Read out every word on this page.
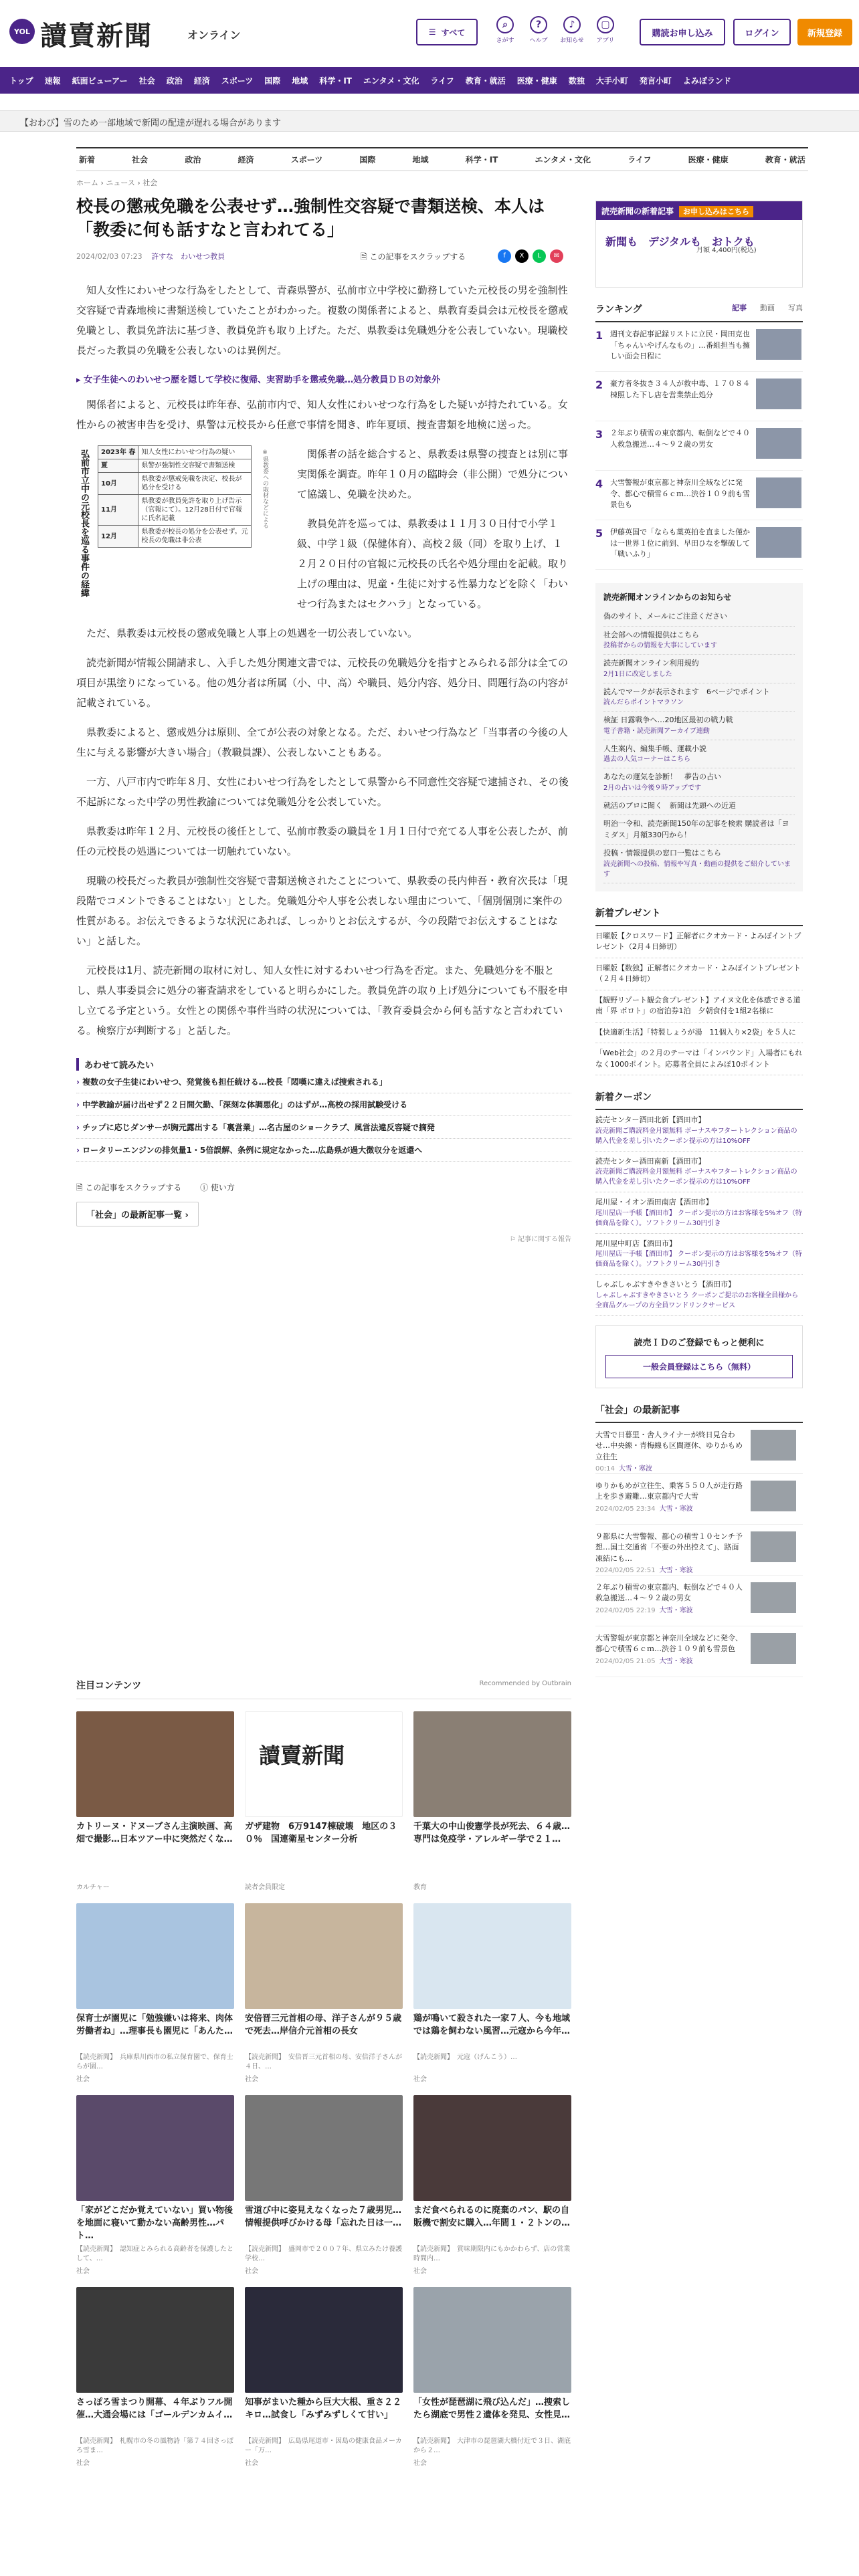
YOL 讀賣新聞	オンライン	☰ すべて
⌕
さがす
?
ヘルプ
♪
お知らせ
▢
アプリ
購読お申し込み	ログイン	新規登録
トップ 速報 紙面ビューアー 社会 政治 経済 スポーツ 国際 地域 科学・IT エンタメ・文化 ライフ 教育・就活 医療・健康 数独 大手小町 発言小町 よみぽランド
【おわび】雪のため一部地域で新聞の配達が遅れる場合があります
新着	社会	政治	経済	スポーツ	国際	地域	科学・IT	エンタメ・文化	ライフ	医療・健康	教育・就活
ホーム › ニュース › 社会
校長の懲戒免職を公表せず…強制性交容疑で書類送検、本人は「教委に何も話すなと言われてる」
2024/02/03 07:23 許すな　わいせつ教員	🗎 この記事をスクラップする	f	X	L	✉

知人女性にわいせつな行為をしたとして、青森県警が、弘前市立中学校に勤務していた元校長の男を強制性交容疑で青森地検に書類送検していたことがわかった。複数の関係者によると、県教育委員会は元校長を懲戒免職とし、教員免許法に基づき、教員免許も取り上げた。ただ、県教委は免職処分を公表していない。現職校長だった教員の免職を公表しないのは異例だ。

▸ 女子生徒へのわいせつ歴を隠して学校に復帰、実習助手を懲戒免職…処分教員ＤＢの対象外

関係者によると、元校長は昨年春、弘前市内で、知人女性にわいせつな行為をした疑いが持たれている。女性からの被害申告を受け、県警は元校長から任意で事情を聞き、昨年夏頃、捜査書類を地検に送った。

弘前市立中の元校長を巡る事件の経緯	2023年 春	知人女性にわいせつ行為の疑い
夏	県警が強制性交容疑で書類送検
10月	県教委が懲戒免職を決定、校長が処分を受ける
11月	県教委が教員免許を取り上げ告示（官報にて）。12月28日付で官報に氏名記載
12月	県教委が校長の処分を公表せず。元校長の免職は非公表
※県教委への取材などによる	関係者の話を総合すると、県教委は県警の捜査とは別に事実関係を調査。昨年１０月の臨時会（非公開）で処分について協議し、免職を決めた。

教員免許を巡っては、県教委は１１月３０日付で小学１級、中学１級（保健体育）、高校２級（同）を取り上げ、１２月２０日付の官報に元校長の氏名や処分理由を記載。取り上げの理由は、児童・生徒に対する性暴力などを除く「わいせつ行為またはセクハラ」となっている。

ただ、県教委は元校長の懲戒免職と人事上の処遇を一切公表していない。

読売新聞が情報公開請求し、入手した処分関連文書では、元校長の免職処分を指すとみられる部分は全ての項目が黒塗りになっている。他の処分者は所属（小、中、高）や職員、処分内容、処分日、問題行為の内容が記載されている。

県教委によると、懲戒処分は原則、全てが公表の対象となる。ただ、わいせつ行為など「当事者の今後の人生に与える影響が大きい場合」（教職員課）、公表しないこともある。

一方、八戸市内で昨年８月、女性にわいせつ行為をしたとして県警から不同意性交容疑で逮捕され、その後不起訴になった中学の男性教諭については免職処分を公表していた。

県教委は昨年１２月、元校長の後任として、弘前市教委の職員を１月１日付で充てる人事を公表したが、前任の元校長の処遇については一切触れていない。

現職の校長だった教員が強制性交容疑で書類送検されたことについて、県教委の長内伸吾・教育次長は「現段階でコメントできることはない」とした。免職処分や人事を公表しない理由について、「個別個別に案件の性質がある。お伝えできるような状況にあれば、しっかりとお伝えするが、今の段階でお伝えすることはない」と話した。

元校長は1月、読売新聞の取材に対し、知人女性に対するわいせつ行為を否定。また、免職処分を不服とし、県人事委員会に処分の審査請求をしていると明らかにした。教員免許の取り上げ処分についても不服を申し立てる予定という。女性との関係や事件当時の状況については、「教育委員会から何も話すなと言われている。検察庁が判断する」と話した。

あわせて読みたい
› 複数の女子生徒にわいせつ、発覚後も担任続ける…校長「悶嘆に違えば捜索される」
› 中学教諭が届け出せず２２日間欠勤、「深刻な体調悪化」のはずが…高校の採用試験受ける
› チップに応じダンサーが胸元露出する「裏営業」…名古屋のショークラブ、風営法違反容疑で摘発
› ロータリーエンジンの排気量1・5倍誤解、条例に規定なかった…広島県が過大徴収分を返還へ
🗎 この記事をスクラップする ⓘ 使い方
「社会」の最新記事一覧 ›
⚐ 記事に関する報告
注目コンテンツ	Recommended by Outbrain
カトリーヌ・ドヌーブさん主演映画、高畑で撮影…日本ツアー中に突然だくな…
カルチャー
讀賣新聞
ガザ建物　6万9147棟破壊　地区の３０％　国連衛星センター分析
読者会員限定
千葉大の中山俊憲学長が死去、６４歳…専門は免疫学・アレルギー学で２１…
教育
保育士が園児に「勉強嫌いは将来、肉体労働者ね」…理事長も園児に「あんた…
【読売新聞】　兵庫県川西市の私立保育園で、保育士らが園…
社会
安倍晋三元首相の母、洋子さんが９５歳で死去…岸信介元首相の長女
【読売新聞】　安倍晋三元首相の母、安倍洋子さんが４日、…
社会
鶏が鳴いて殺された一家７人、今も地域では鶏を飼わない風習…元寇から今年…
【読売新聞】　元寇（げんこう）…
社会
「家がどこだか覚えていない」買い物後を地面に寝いて動かない高齢男性…パト…
【読売新聞】　認知症とみられる高齢者を保護したとして、…
社会
雪道び中に姿見えなくなった７歳男児…情報提供呼びかける母「忘れた日は一…
【読売新聞】　盛岡市で２００７年、県立みたけ養護学校…
社会
まだ食べられるのに廃棄のパン、駅の自販機で割安に購入…年間１・２トンの…
【読売新聞】　賞味期限内にもかかわらず、店の営業時間内…
社会
さっぽろ雪まつり開幕、４年ぶりフル開催…大通会場には「ゴールデンカムイ…
【読売新聞】　札幌市の冬の風物詩「第７４回さっぽろ雪ま…
社会
知事がまいた種から巨大大根、重さ２２キロ…試食し「みずみずしくて甘い」
【読売新聞】　広島県尾道市・因島の健康食品メーカー「万…
社会
「女性が琵琶湖に飛び込んだ」…捜索したら湖底で男性２遺体を発見、女性見…
【読売新聞】　大津市の琵琶湖大橋付近で３日、湖底から２…
社会
読売新聞の新着記事 お申し込みはこちら
新聞も　デジタルも　おトクも
月額 4,400円(税込)
ランキング	記事 動画 写真
1 週刊文春記事記録リストに立民・岡田克也「ちゃんいやげんなもの」…番組担当も擁しい面会日程に
2 豪方者冬抜き３４人が救中毒、１７０８４棟照した下し店を営業禁止処分
3 ２年ぶり積雪の東京都内、転倒などで４０人救急搬送…４～９２歳の男女
4 大雪警報が東京都と神奈川全域などに発令、都心で積雪６ｃｍ…渋谷１０９前も雪景色も
5 伊藤英国で「ならも薬英拍を直ました僅かは一世界１位に前到、早田ひなを撃破して「戦いふり」
読売新聞オンラインからのお知らせ
偽のサイト、メールにご注意ください
社会部への情報提供はこちら
投稿者からの情報を大事にしています
読売新聞オンライン利用規約
2月1日に改定しました
読んでマークが表示されます　6ページでポイント
読んだらポイントマラソン
検証 日露戦争へ…20地区最初の戦力戦
電子書籍・読売新聞アーカイブ連動
人生案内、編集手帳、運載小説
過去の人気コーナーはこちら
あなたの運気を診断！　夢告の占い
2月の占いは今後９時アップです
就活のプロに聞く　新聞は先頭への近道
明治一令和、読売新聞150年の記事を検索 購読者は「ヨミダス」月額330円から！
投稿・情報提供の窓口一覧はこちら
読売新聞への投稿、情報や写真・動画の提供をご紹介しています
新着プレゼント
日曜版【クロスワード】正解者にクオカード・よみぽイントプレゼント（2月４日締切）
日曜版【数独】正解者にクオカード・よみぽイントプレゼント（２月４日締切）
【観野リゾート観会食プレゼント】アイヌ文化を体感できる道南「界 ポロト」の宿泊券1泊　夕朝食付を1組2名様に
【快適新生活】「特製しょうが湯　11個入り×2袋」を５人に
「Web社会」の２月のテーマは「インバウンド」入場者にもれなく1000ポイント。応募者全員によみぽ10ポイント
新着クーポン
読売センター酒田北新【酒田市】
読売新聞ご購読料金月額無料 ボーナスやフタートレクション商品の購入代金を差し引いたクーポン提示の方は10%OFF
読売センター酒田南新【酒田市】
読売新聞ご購読料金月額無料 ボーナスやフタートレクション商品の購入代金を差し引いたクーポン提示の方は10%OFF
尾川屋・イオン酒田南店【酒田市】
尾川屋店一手帳【酒田市】 クーポン提示の方はお客様を5%オフ（特価商品を除く）。ソフトクリーム30円引き
尾川屋中町店【酒田市】
尾川屋店一手帳【酒田市】 クーポン提示の方はお客様を5%オフ（特価商品を除く）。ソフトクリーム30円引き
しゃぶしゃぶすきやきさいとう【酒田市】
しゃぶしゃぶすきやきさいとう クーポンご提示のお客様全員様から全商品グループの方全員ワンドリンクサービス
読売ＩＤのご登録でもっと便利に
一般会員登録はこちら（無料）
「社会」の最新記事
大雪で日暮里・舎人ライナーが終日見合わせ…中央線・青梅線も区間運休、ゆりかもめ立往生
00:14 大雪・寒波
ゆりかもめが立往生、乗客５５０人が走行路上を歩き避難…東京都内で大雪
2024/02/05 23:34 大雪・寒波
９都県に大雪警報、都心の積雪１０センチ予想…国土交通省「不要の外出控えて」、路面凍結にも…
2024/02/05 22:51 大雪・寒波
２年ぶり積雪の東京都内、転倒などで４０人救急搬送…４～９２歳の男女
2024/02/05 22:19 大雪・寒波
大雪警報が東京都と神奈川全域などに発令、都心で積雪６ｃｍ…渋谷１０９前も雪景色
2024/02/05 21:05 大雪・寒波
